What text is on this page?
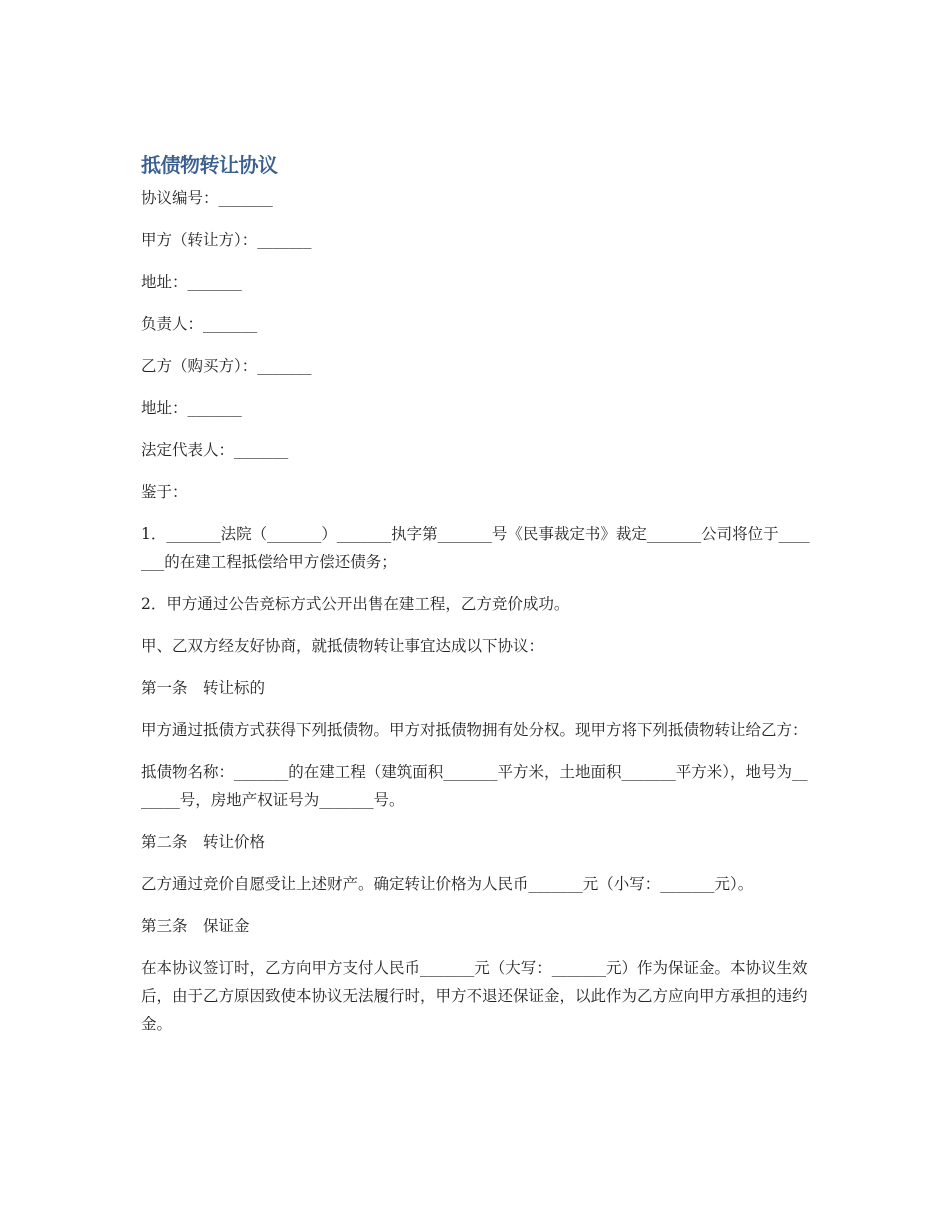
抵债物转让协议

协议编号：_______

甲方（转让方）：_______

地址：_______

负责人：_______

乙方（购买方）：_______

地址：_______

法定代表人：_______

鉴于：

1．_______法院（_______）_______执字第_______号《民事裁定书》裁定_______公司将位于_______的在建工程抵偿给甲方偿还债务；

2．甲方通过公告竞标方式公开出售在建工程，乙方竞价成功。

甲、乙双方经友好协商，就抵债物转让事宜达成以下协议：

第一条　转让标的

甲方通过抵债方式获得下列抵债物。甲方对抵债物拥有处分权。现甲方将下列抵债物转让给乙方：

抵债物名称：_______的在建工程（建筑面积_______平方米，土地面积_______平方米），地号为_______号，房地产权证号为_______号。

第二条　转让价格

乙方通过竞价自愿受让上述财产。确定转让价格为人民币_______元（小写：_______元）。

第三条　保证金

在本协议签订时，乙方向甲方支付人民币_______元（大写：_______元）作为保证金。本协议生效后，由于乙方原因致使本协议无法履行时，甲方不退还保证金，以此作为乙方应向甲方承担的违约金。
